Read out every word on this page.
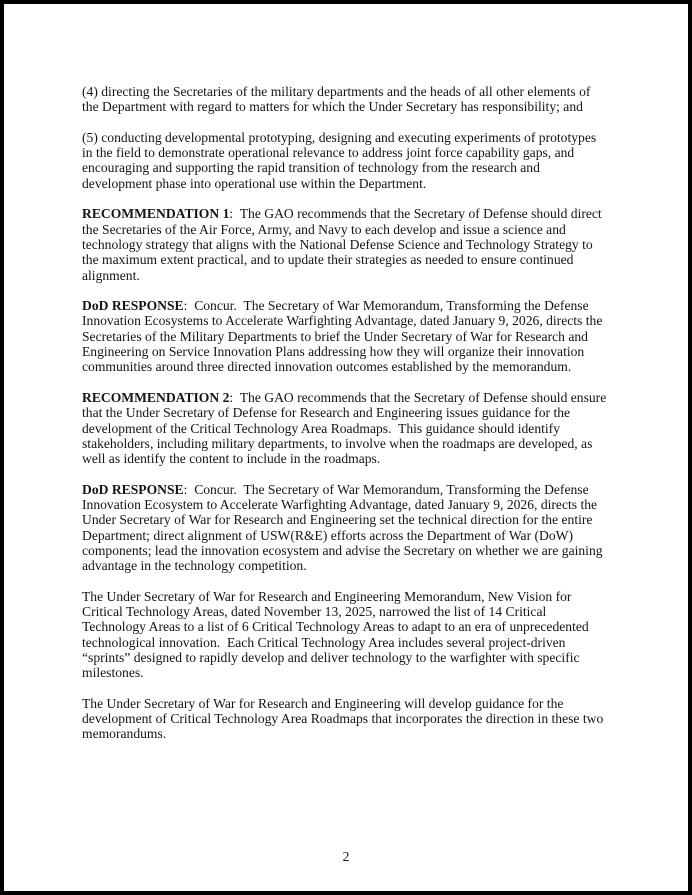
(4) directing the Secretaries of the military departments and the heads of all other elements of the Department with regard to matters for which the Under Secretary has responsibility; and

(5) conducting developmental prototyping, designing and executing experiments of prototypes in the field to demonstrate operational relevance to address joint force capability gaps, and encouraging and supporting the rapid transition of technology from the research and development phase into operational use within the Department.

RECOMMENDATION 1:  The GAO recommends that the Secretary of Defense should direct the Secretaries of the Air Force, Army, and Navy to each develop and issue a science and technology strategy that aligns with the National Defense Science and Technology Strategy to the maximum extent practical, and to update their strategies as needed to ensure continued alignment.

DoD RESPONSE:  Concur.  The Secretary of War Memorandum, Transforming the Defense Innovation Ecosystems to Accelerate Warfighting Advantage, dated January 9, 2026, directs the Secretaries of the Military Departments to brief the Under Secretary of War for Research and Engineering on Service Innovation Plans addressing how they will organize their innovation communities around three directed innovation outcomes established by the memorandum.

RECOMMENDATION 2:  The GAO recommends that the Secretary of Defense should ensure that the Under Secretary of Defense for Research and Engineering issues guidance for the development of the Critical Technology Area Roadmaps.  This guidance should identify stakeholders, including military departments, to involve when the roadmaps are developed, as well as identify the content to include in the roadmaps.

DoD RESPONSE:  Concur.  The Secretary of War Memorandum, Transforming the Defense Innovation Ecosystem to Accelerate Warfighting Advantage, dated January 9, 2026, directs the Under Secretary of War for Research and Engineering set the technical direction for the entire Department; direct alignment of USW(R&E) efforts across the Department of War (DoW) components; lead the innovation ecosystem and advise the Secretary on whether we are gaining advantage in the technology competition.

The Under Secretary of War for Research and Engineering Memorandum, New Vision for Critical Technology Areas, dated November 13, 2025, narrowed the list of 14 Critical Technology Areas to a list of 6 Critical Technology Areas to adapt to an era of unprecedented technological innovation.  Each Critical Technology Area includes several project-driven “sprints” designed to rapidly develop and deliver technology to the warfighter with specific milestones.

The Under Secretary of War for Research and Engineering will develop guidance for the development of Critical Technology Area Roadmaps that incorporates the direction in these two memorandums.

2
